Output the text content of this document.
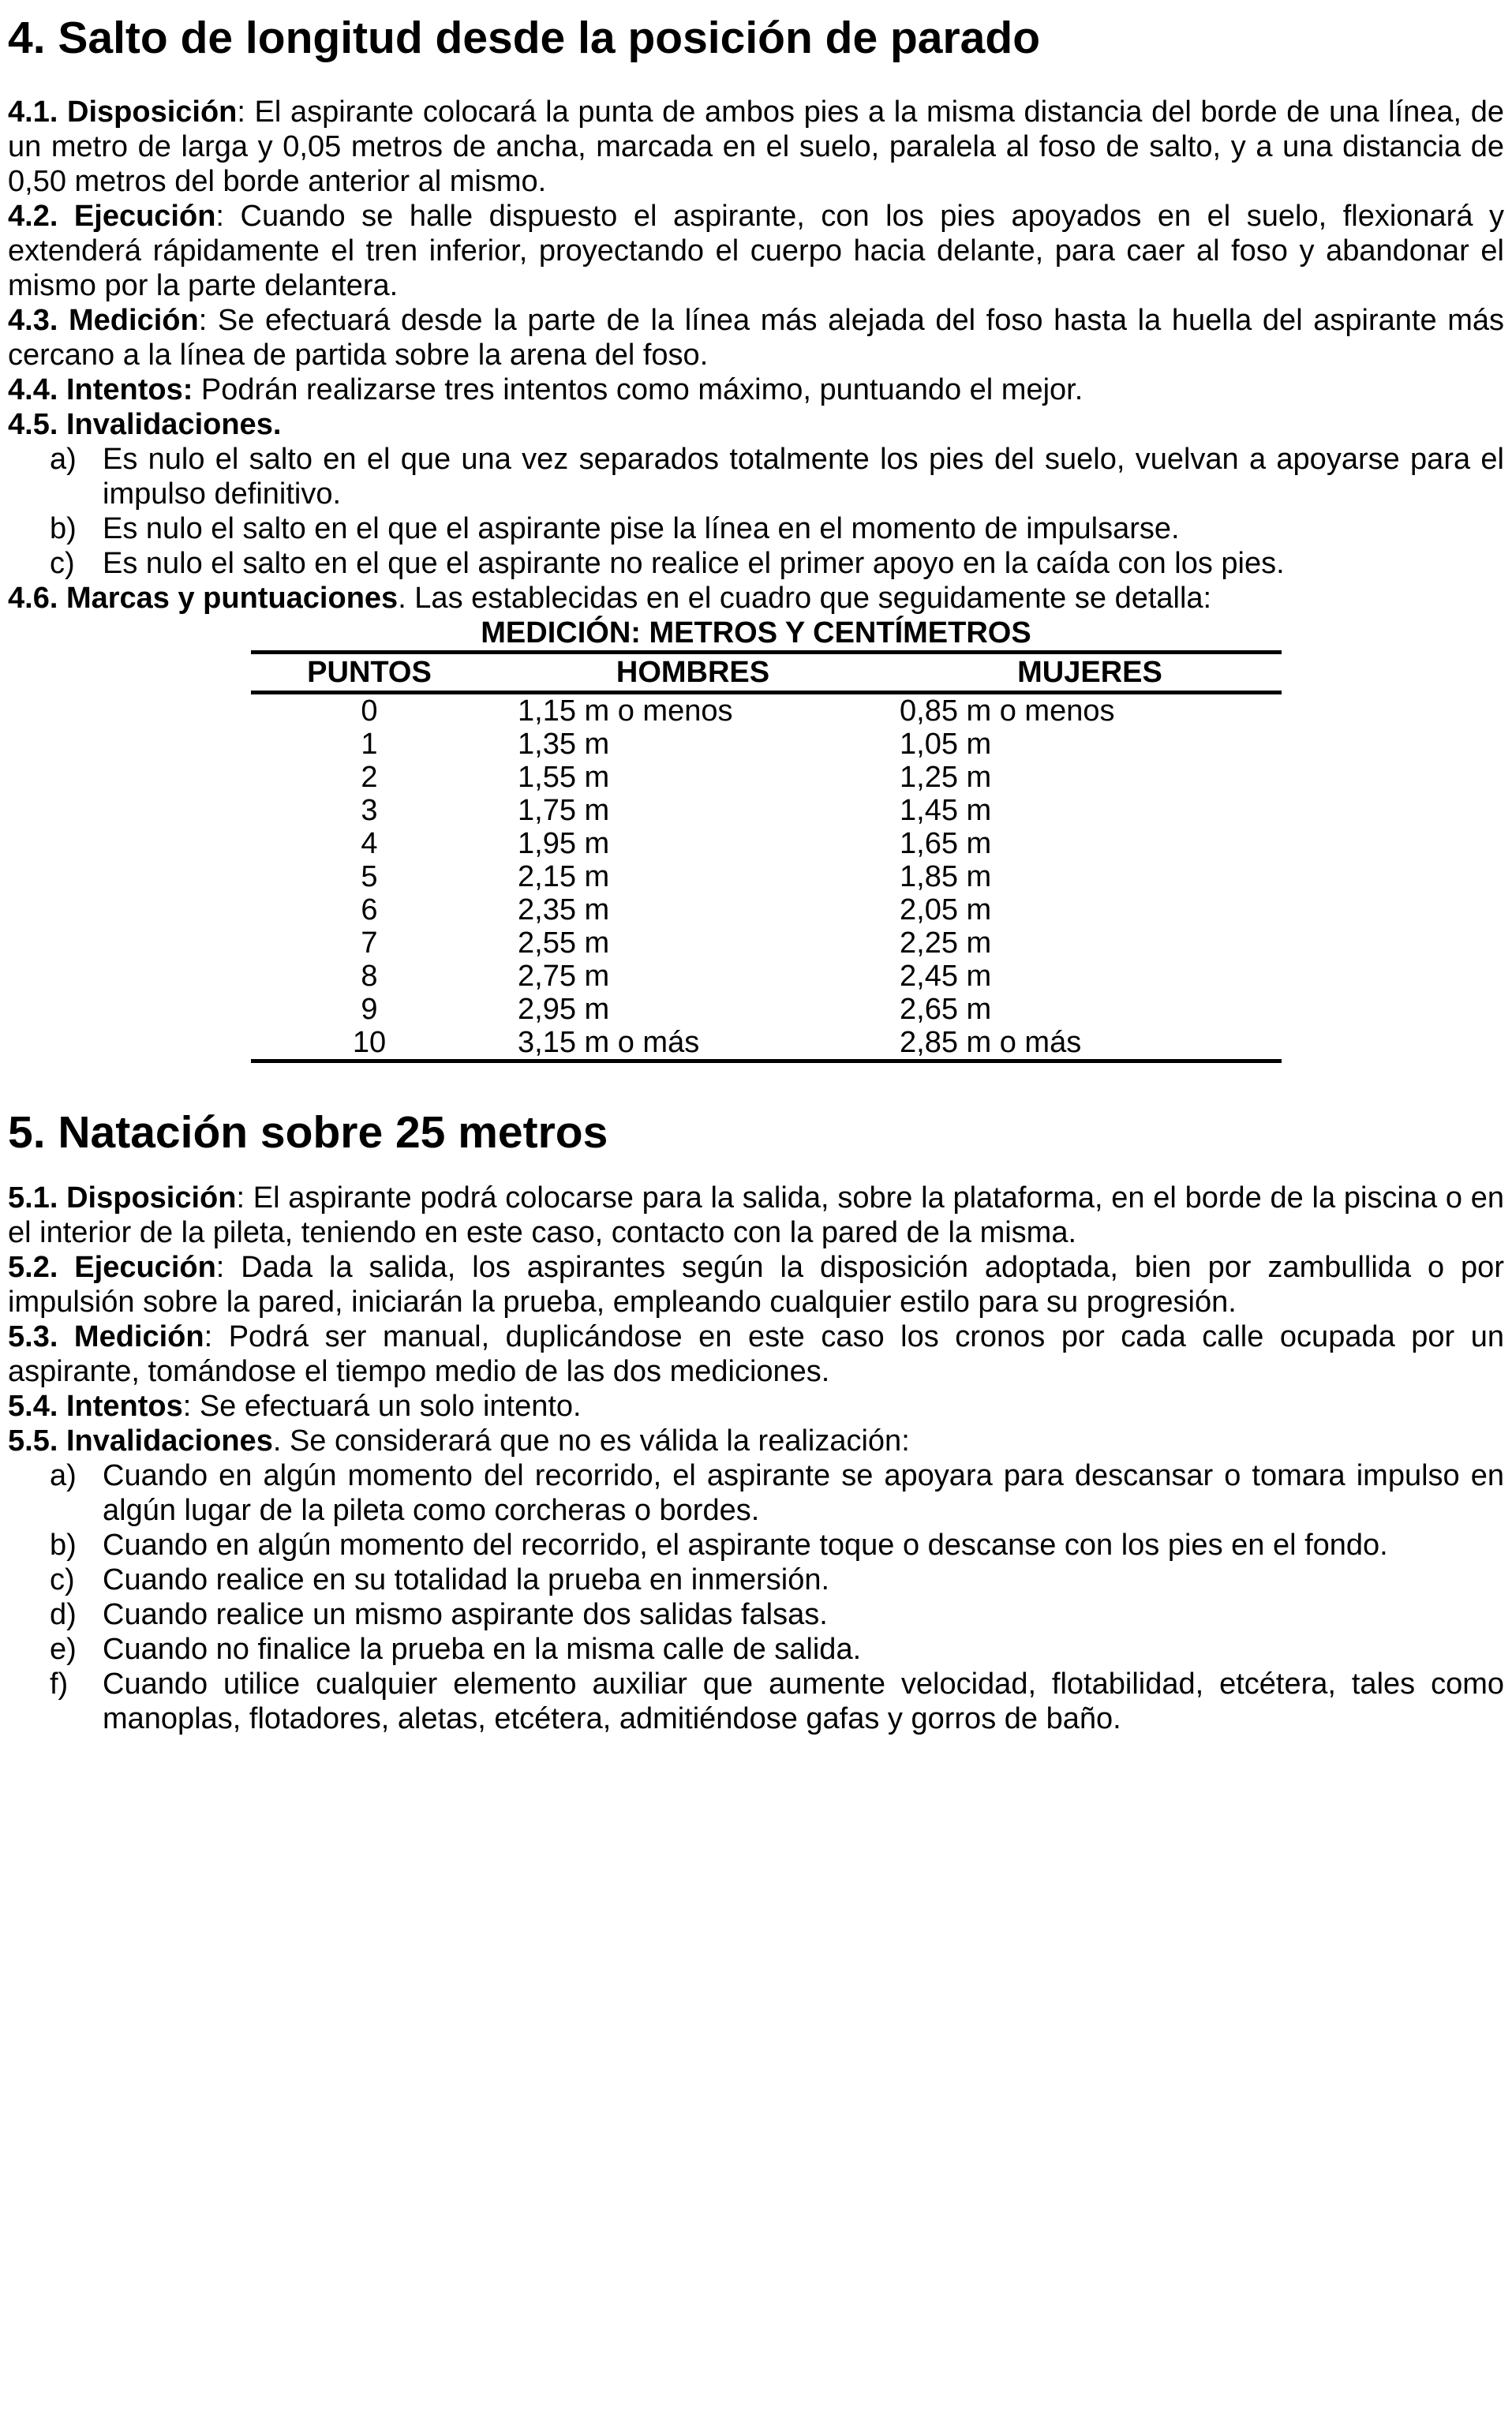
4. Salto de longitud desde la posición de parado

4.1. Disposición: El aspirante colocará la punta de ambos pies a la misma distancia del borde de una línea, de un metro de larga y 0,05 metros de ancha, marcada en el suelo, paralela al foso de salto, y a una distancia de 0,50 metros del borde anterior al mismo.

4.2. Ejecución: Cuando se halle dispuesto el aspirante, con los pies apoyados en el suelo, flexionará y extenderá rápidamente el tren inferior, proyectando el cuerpo hacia delante, para caer al foso y abandonar el mismo por la parte delantera.

4.3. Medición: Se efectuará desde la parte de la línea más alejada del foso hasta la huella del aspirante más cercano a la línea de partida sobre la arena del foso.

4.4. Intentos: Podrán realizarse tres intentos como máximo, puntuando el mejor.

4.5. Invalidaciones.

a) Es nulo el salto en el que una vez separados totalmente los pies del suelo, vuelvan a apoyarse para el impulso definitivo.
b) Es nulo el salto en el que el aspirante pise la línea en el momento de impulsarse.
c) Es nulo el salto en el que el aspirante no realice el primer apoyo en la caída con los pies.

4.6. Marcas y puntuaciones. Las establecidas en el cuadro que seguidamente se detalla:

MEDICIÓN: METROS Y CENTÍMETROS
PUNTOS	HOMBRES	MUJERES
0	1,15 m o menos	0,85 m o menos
1	1,35 m	1,05 m
2	1,55 m	1,25 m
3	1,75 m	1,45 m
4	1,95 m	1,65 m
5	2,15 m	1,85 m
6	2,35 m	2,05 m
7	2,55 m	2,25 m
8	2,75 m	2,45 m
9	2,95 m	2,65 m
10	3,15 m o más	2,85 m o más
5. Natación sobre 25 metros

5.1. Disposición: El aspirante podrá colocarse para la salida, sobre la plataforma, en el borde de la piscina o en el interior de la pileta, teniendo en este caso, contacto con la pared de la misma.

5.2. Ejecución: Dada la salida, los aspirantes según la disposición adoptada, bien por zambullida o por impulsión sobre la pared, iniciarán la prueba, empleando cualquier estilo para su progresión.

5.3. Medición: Podrá ser manual, duplicándose en este caso los cronos por cada calle ocupada por un aspirante, tomándose el tiempo medio de las dos mediciones.

5.4. Intentos: Se efectuará un solo intento.

5.5. Invalidaciones. Se considerará que no es válida la realización:

a) Cuando en algún momento del recorrido, el aspirante se apoyara para descansar o tomara impulso en algún lugar de la pileta como corcheras o bordes.
b) Cuando en algún momento del recorrido, el aspirante toque o descanse con los pies en el fondo.
c) Cuando realice en su totalidad la prueba en inmersión.
d) Cuando realice un mismo aspirante dos salidas falsas.
e) Cuando no finalice la prueba en la misma calle de salida.
f) Cuando utilice cualquier elemento auxiliar que aumente velocidad, flotabilidad, etcétera, tales como manoplas, flotadores, aletas, etcétera, admitiéndose gafas y gorros de baño.
